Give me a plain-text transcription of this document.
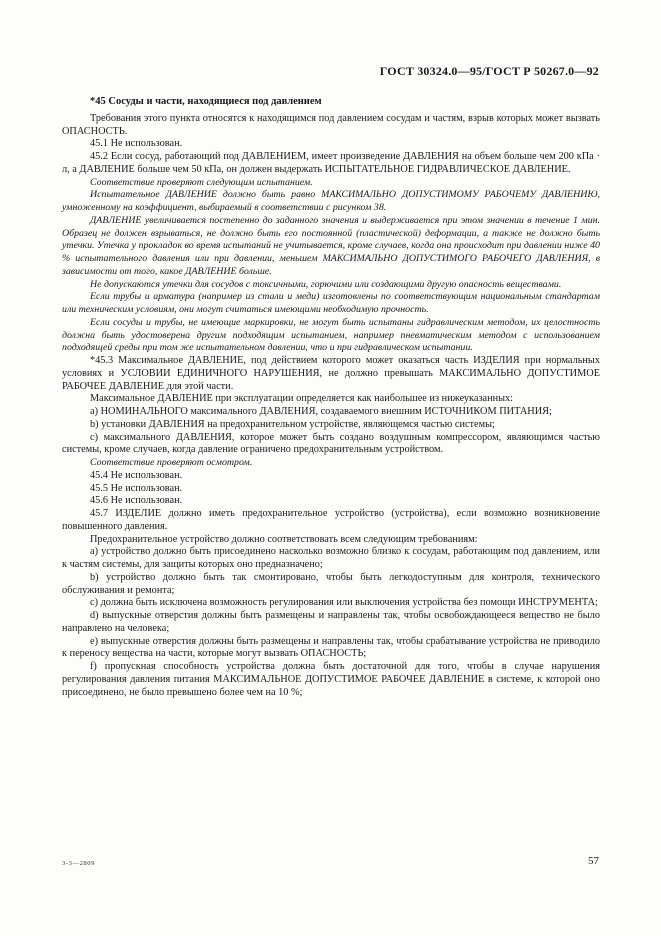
ГОСТ 30324.0—95/ГОСТ Р 50267.0—92

*45 Сосуды и части, находящиеся под давлением

Требования этого пункта относятся к находящимся под давлением сосудам и частям, взрыв которых может вызвать ОПАСНОСТЬ.

45.1 Не использован.

45.2 Если сосуд, работающий под ДАВЛЕНИЕМ, имеет произведение ДАВЛЕНИЯ на объем больше чем 200 кПа · л, а ДАВЛЕНИЕ больше чем 50 кПа, он должен выдержать ИСПЫТАТЕЛЬНОЕ ГИДРАВЛИЧЕСКОЕ ДАВЛЕНИЕ.

Соответствие проверяют следующим испытанием.

Испытательное ДАВЛЕНИЕ должно быть равно МАКСИМАЛЬНО ДОПУСТИМОМУ РАБОЧЕМУ ДАВЛЕНИЮ, умноженному на коэффициент, выбираемый в соответствии с рисунком 38.

ДАВЛЕНИЕ увеличивается постепенно до заданного значения и выдерживается при этом значении в течение 1 мин. Образец не должен взрываться, не должно быть его постоянной (пластической) деформации, а также не должно быть утечки. Утечка у прокладок во время испытаний не учитывается, кроме случаев, когда она происходит при давлении ниже 40 % испытательного давления или при давлении, меньшем МАКСИМАЛЬНО ДОПУСТИМОГО РАБОЧЕГО ДАВЛЕНИЯ, в зависимости от того, какое ДАВЛЕНИЕ больше.

Не допускаются утечки для сосудов с токсичными, горючими или создающими другую опасность веществами.

Если трубы и арматура (например из стали и меди) изготовлены по соответствующим национальным стандартам или техническим условиям, они могут считаться имеющими необходимую прочность.

Если сосуды и трубы, не имеющие маркировки, не могут быть испытаны гидравлическим методом, их целостность должна быть удостоверена другим подходящим испытанием, например пневматическим методом с использованием подходящей среды при том же испытательном давлении, что и при гидравлическом испытании.

*45.3 Максимальное ДАВЛЕНИЕ, под действием которого может оказаться часть ИЗДЕЛИЯ при нормальных условиях и УСЛОВИИ ЕДИНИЧНОГО НАРУШЕНИЯ, не должно превышать МАКСИМАЛЬНО ДОПУСТИМОЕ РАБОЧЕЕ ДАВЛЕНИЕ для этой части.

Максимальное ДАВЛЕНИЕ при эксплуатации определяется как наибольшее из нижеуказанных:

a) НОМИНАЛЬНОГО максимального ДАВЛЕНИЯ, создаваемого внешним ИСТОЧНИКОМ ПИТАНИЯ;

b) установки ДАВЛЕНИЯ на предохранительном устройстве, являющемся частью системы;

c) максимального ДАВЛЕНИЯ, которое может быть создано воздушным компрессором, являющимся частью системы, кроме случаев, когда давление ограничено предохранительным устройством.

Соответствие проверяют осмотром.

45.4 Не использован.

45.5 Не использован.

45.6 Не использован.

45.7 ИЗДЕЛИЕ должно иметь предохранительное устройство (устройства), если возможно возникновение повышенного давления.

Предохранительное устройство должно соответствовать всем следующим требованиям:

a) устройство должно быть присоединено насколько возможно близко к сосудам, работающим под давлением, или к частям системы, для защиты которых оно предназначено;

b) устройство должно быть так смонтировано, чтобы быть легкодоступным для контроля, технического обслуживания и ремонта;

c) должна быть исключена возможность регулирования или выключения устройства без помощи ИНСТРУМЕНТА;

d) выпускные отверстия должны быть размещены и направлены так, чтобы освобождающееся вещество не было направлено на человека;

e) выпускные отверстия должны быть размещены и направлены так, чтобы срабатывание устройства не приводило к переносу вещества на части, которые могут вызвать ОПАСНОСТЬ;

f) пропускная способность устройства должна быть достаточной для того, чтобы в случае нарушения регулирования давления питания МАКСИМАЛЬНОЕ ДОПУСТИМОЕ РАБОЧЕЕ ДАВЛЕНИЕ в системе, к которой оно присоединено, не было превышено более чем на 10 %;

3-3—2809	57
